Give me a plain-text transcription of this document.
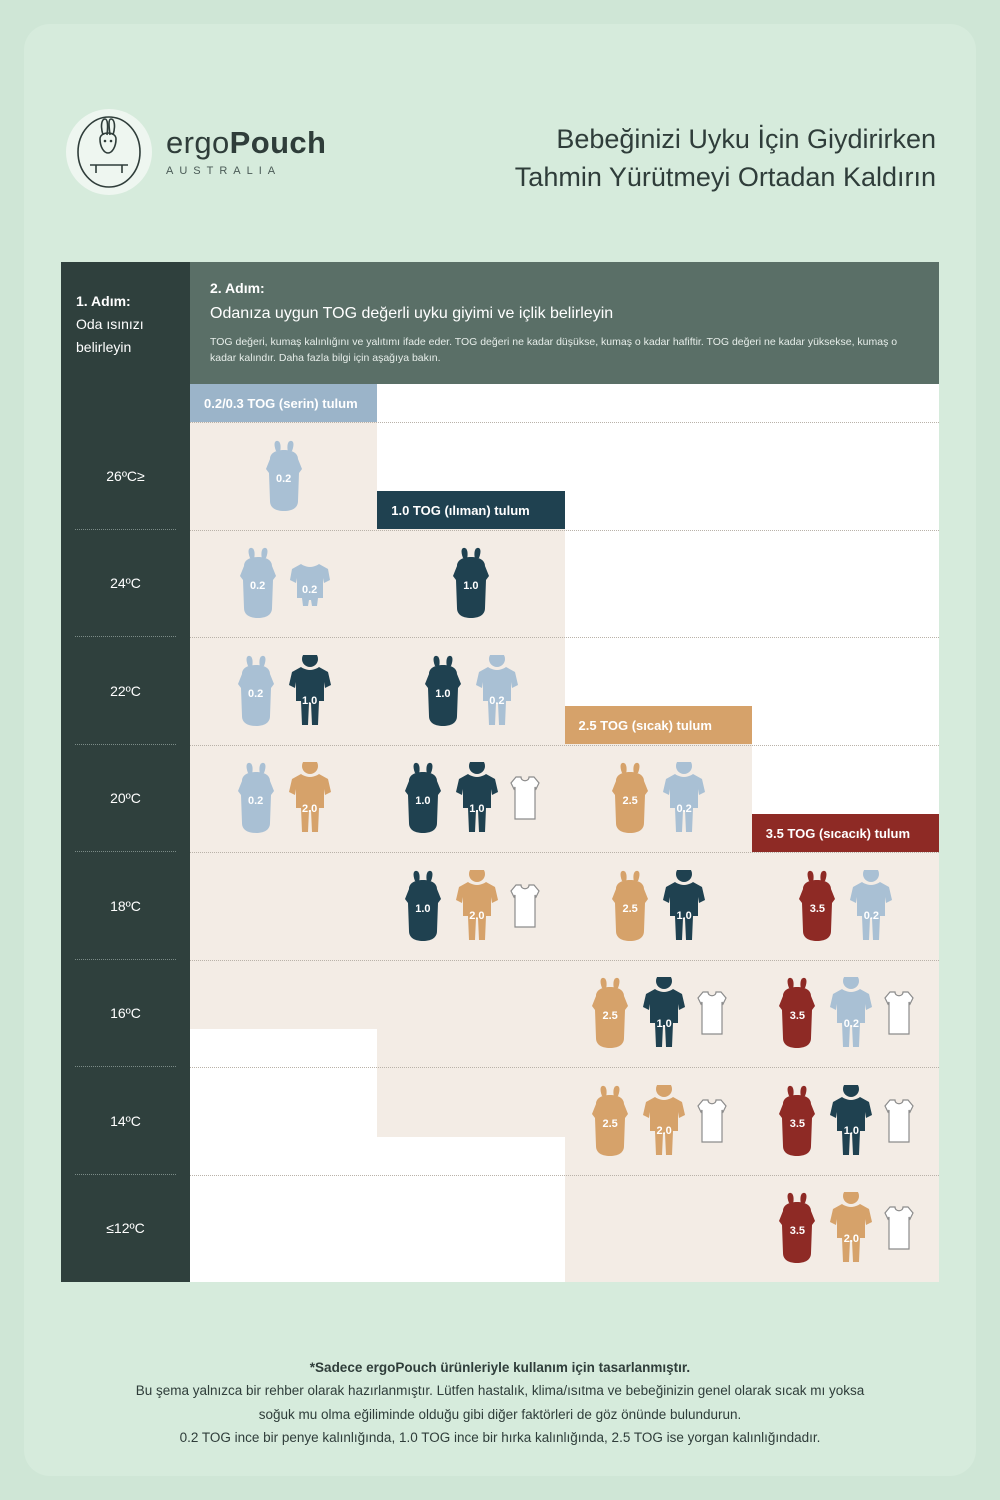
ergoPouch
AUSTRALIA
Bebeğinizi Uyku İçin Giydirirken
Tahmin Yürütmeyi Ortadan Kaldırın
1. Adım:
Oda ısınızı
belirleyin
26ºC≥
24ºC
22ºC
20ºC
18ºC
16ºC
14ºC
≤12ºC
2. Adım:
Odanıza uygun TOG değerli uyku giyimi ve içlik belirleyin
TOG değeri, kumaş kalınlığını ve yalıtımı ifade eder. TOG değeri ne kadar düşükse, kumaş o kadar hafiftir. TOG değeri ne kadar yüksekse, kumaş o kadar kalındır. Daha fazla bilgi için aşağıya bakın.
0.2/0.3 TOG (serin) tulum
1.0 TOG (ılıman) tulum
2.5 TOG (sıcak) tulum
3.5 TOG (sıcacık) tulum
0.2
0.2	0.2	1.0
0.2
1.0
1.0
0.2
0.2
2.0
1.0
1.0
2.5
0.2
1.0
2.0
2.5
1.0
3.5
0.2
2.5
1.0
3.5
0.2
2.5
2.0
3.5
1.0
3.5
2.0
*Sadece ergoPouch ürünleriyle kullanım için tasarlanmıştır.
Bu şema yalnızca bir rehber olarak hazırlanmıştır. Lütfen hastalık, klima/ısıtma ve bebeğinizin genel olarak sıcak mı yoksa
soğuk mu olma eğiliminde olduğu gibi diğer faktörleri de göz önünde bulundurun.
0.2 TOG ince bir penye kalınlığında, 1.0 TOG ince bir hırka kalınlığında, 2.5 TOG ise yorgan kalınlığındadır.
